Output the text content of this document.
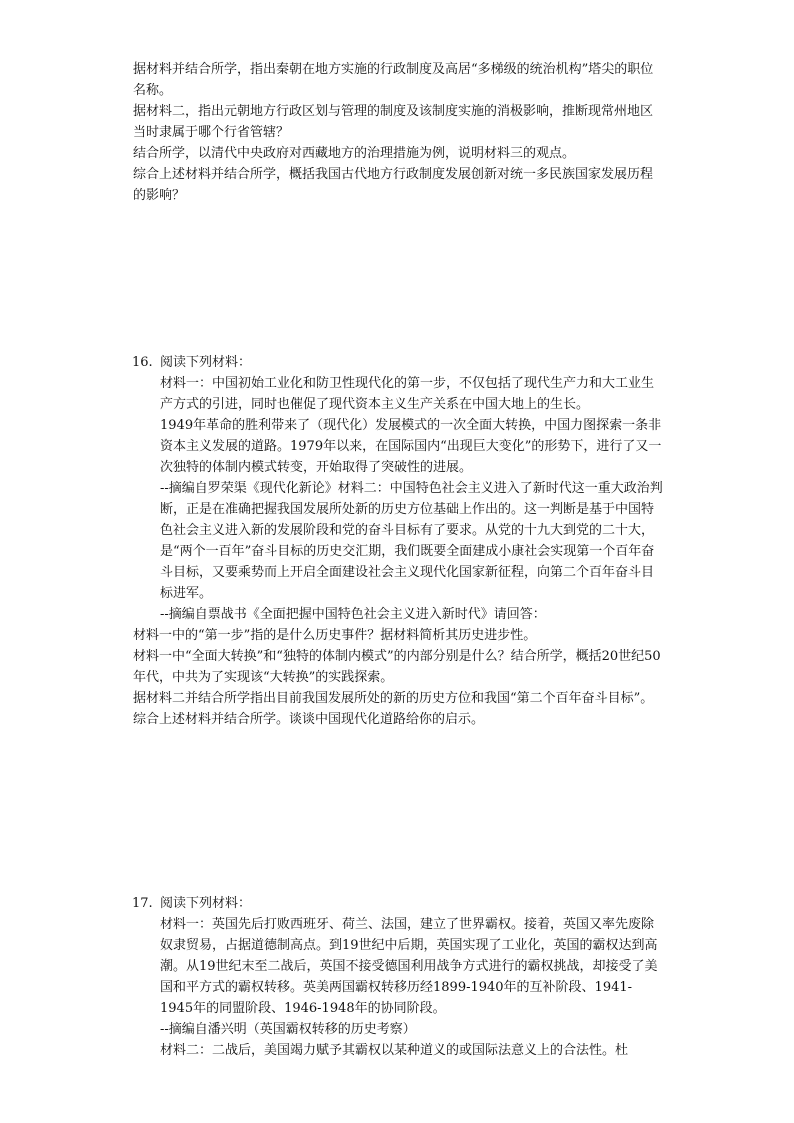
据材料并结合所学，指出秦朝在地方实施的行政制度及高居“多梯级的统治机构”塔尖的职位名称。

据材料二，指出元朝地方行政区划与管理的制度及该制度实施的消极影响，推断现常州地区当时隶属于哪个行省管辖？

结合所学，以清代中央政府对西藏地方的治理措施为例，说明材料三的观点。

综合上述材料并结合所学，概括我国古代地方行政制度发展创新对统一多民族国家发展历程的影响？

16. 阅读下列材料：

材料一：中国初始工业化和防卫性现代化的第一步，不仅包括了现代生产力和大工业生产方式的引进，同时也催促了现代资本主义生产关系在中国大地上的生长。

1949年革命的胜利带来了（现代化）发展模式的一次全面大转换，中国力图探索一条非资本主义发展的道路。1979年以来，在国际国内“出现巨大变化”的形势下，进行了又一次独特的体制内模式转变，开始取得了突破性的进展。

--摘编自罗荣渠《现代化新论》材料二：中国特色社会主义进入了新时代这一重大政治判断，正是在准确把握我国发展所处新的历史方位基础上作出的。这一判断是基于中国特色社会主义进入新的发展阶段和党的奋斗目标有了要求。从党的十九大到党的二十大，是“两个一百年”奋斗目标的历史交汇期，我们既要全面建成小康社会实现第一个百年奋斗目标，又要乘势而上开启全面建设社会主义现代化国家新征程，向第二个百年奋斗目标进军。

--摘编自票战书《全面把握中国特色社会主义进入新时代》请回答：

材料一中的“第一步”指的是什么历史事件？据材料简析其历史进步性。

材料一中“全面大转换”和“独特的体制内模式”的内部分别是什么？结合所学，概括20世纪50年代，中共为了实现该“大转换”的实践探索。

据材料二并结合所学指出目前我国发展所处的新的历史方位和我国“第二个百年奋斗目标”。

综合上述材料并结合所学。谈谈中国现代化道路给你的启示。

17. 阅读下列材料：

材料一：英国先后打败西班牙、荷兰、法国，建立了世界霸权。接着，英国又率先废除奴隶贸易，占据道德制高点。到19世纪中后期，英国实现了工业化，英国的霸权达到高潮。从19世纪末至二战后，英国不接受德国利用战争方式进行的霸权挑战，却接受了美国和平方式的霸权转移。英美两国霸权转移历经1899-1940年的互补阶段、1941-1945年的同盟阶段、1946-1948年的协同阶段。

--摘编自潘兴明（英国霸权转移的历史考察）

材料二：二战后，美国竭力赋予其霸权以某种道义的或国际法意义上的合法性。杜
